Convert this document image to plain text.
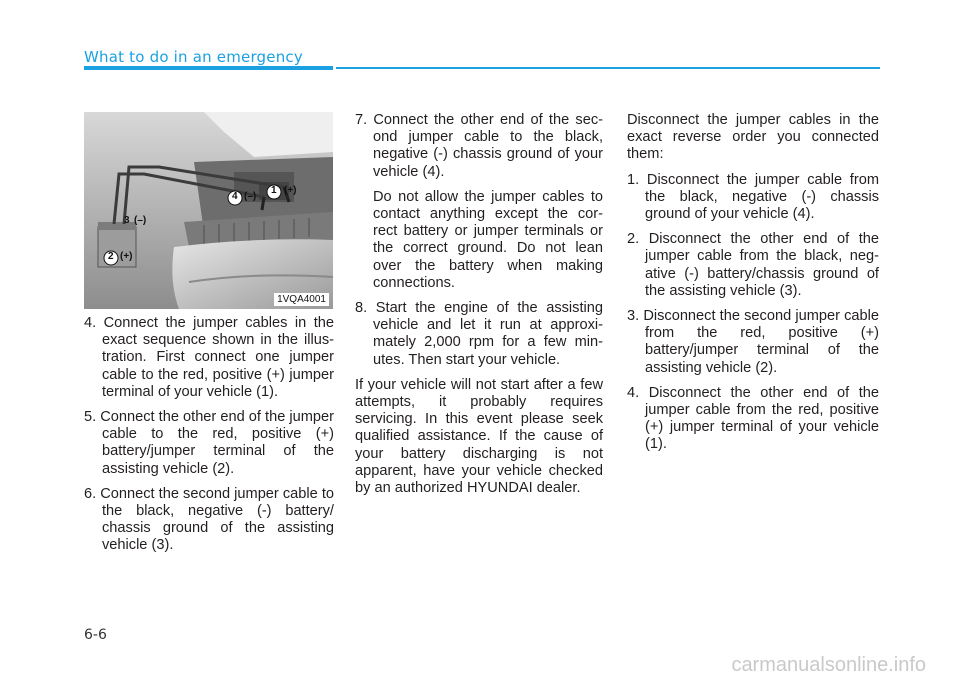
What to do in an emergency
1 (+)
4 (–)
3 (–)
2 (+)
1VQA4001

4. Connect the jumper cables in the exact sequence shown in the illus-tration. First connect one jumper cable to the red, positive (+) jumper terminal of your vehicle (1).

5. Connect the other end of the jumper cable to the red, positive (+) battery/jumper terminal of the assisting vehicle (2).

6. Connect the second jumper cable to the black, negative (-) battery/ chassis ground of the assisting vehicle (3).

7. Connect the other end of the sec-ond jumper cable to the black, negative (-) chassis ground of your vehicle (4).
Do not allow the jumper cables to contact anything except the cor-rect battery or jumper terminals or the correct ground. Do not lean over the battery when making connections.

8. Start the engine of the assisting vehicle and let it run at approxi-mately 2,000 rpm for a few min-utes. Then start your vehicle.

If your vehicle will not start after a few attempts, it probably requires servicing. In this event please seek qualified assistance. If the cause of your battery discharging is not apparent, have your vehicle checked by an authorized HYUNDAI dealer.

Disconnect the jumper cables in the exact reverse order you connected them:

1. Disconnect the jumper cable from the black, negative (-) chassis ground of your vehicle (4).

2. Disconnect the other end of the jumper cable from the black, neg-ative (-) battery/chassis ground of the assisting vehicle (3).

3. Disconnect the second jumper cable from the red, positive (+) battery/jumper terminal of the assisting vehicle (2).

4. Disconnect the other end of the jumper cable from the red, positive (+) jumper terminal of your vehicle (1).

6-6
carmanualsonline.info
